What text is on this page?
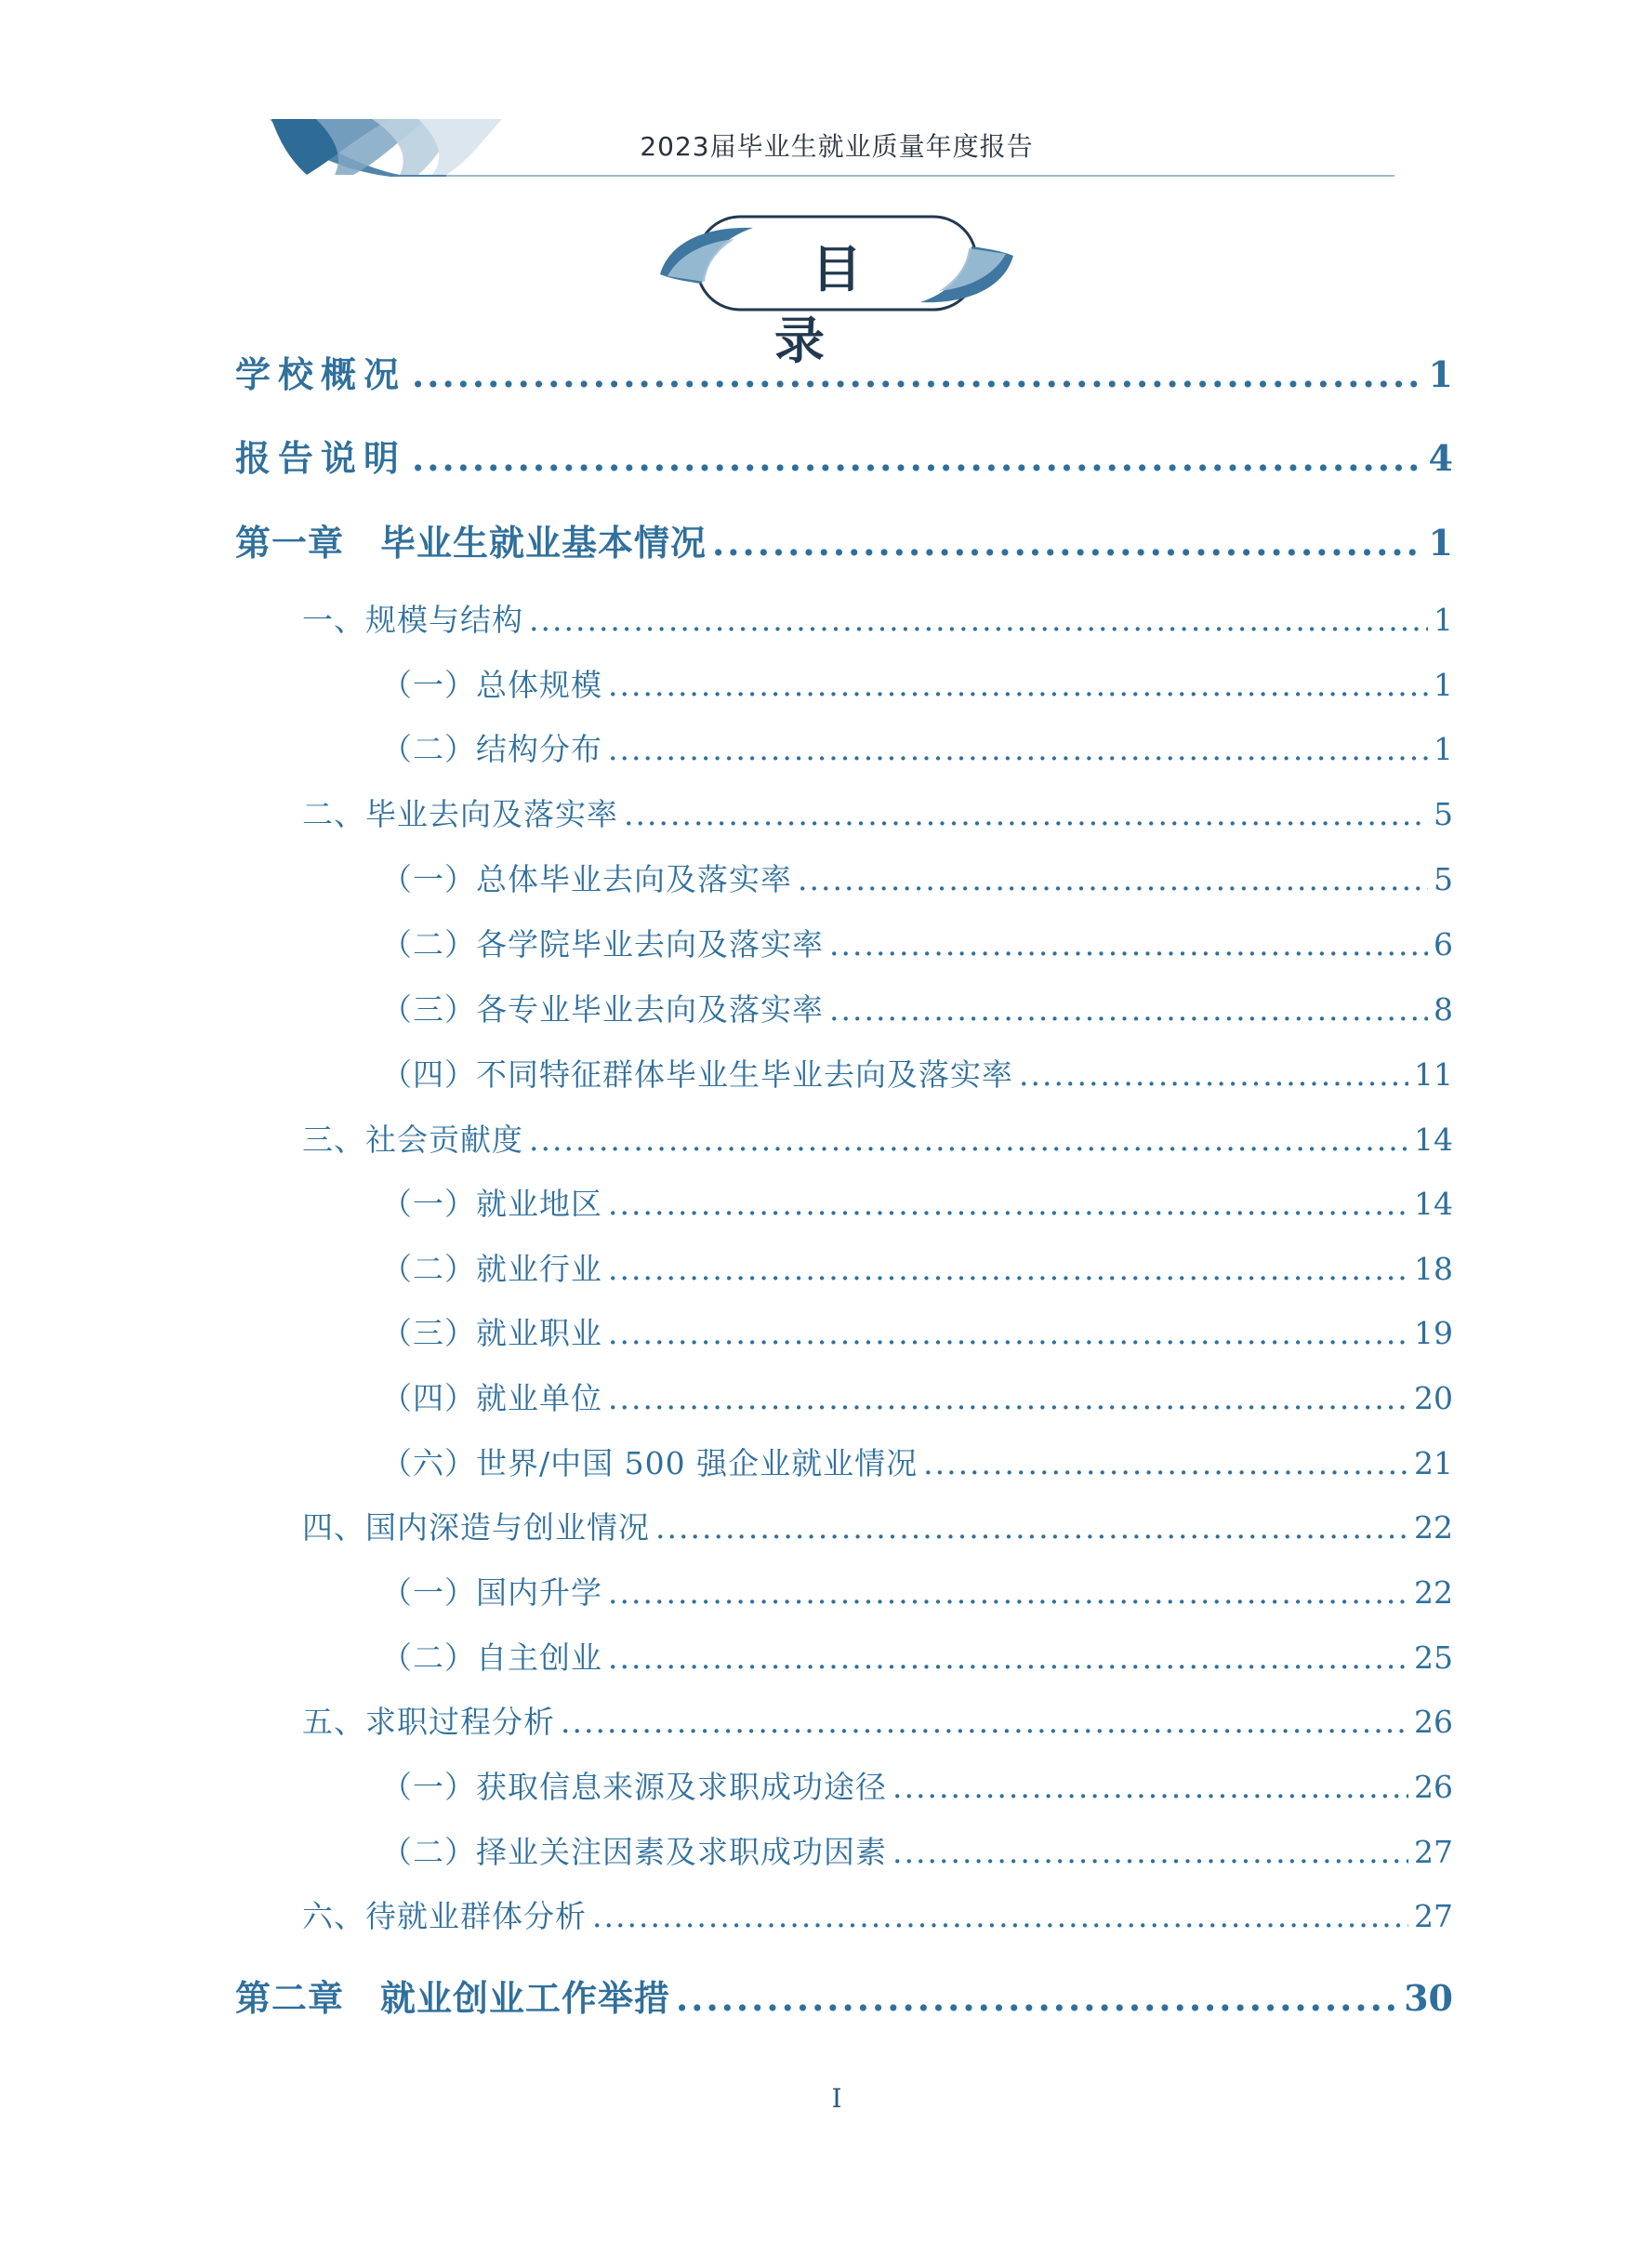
2023届毕业生就业质量年度报告
目 录
学校概况 .....	1
报告说明 .....	4
第一章　毕业生就业基本情况 .....	1
一、规模与结构 .....	1
（一）总体规模 .....	1
（二）结构分布 .....	1
二、毕业去向及落实率 .....	5
（一）总体毕业去向及落实率 .....	5
（二）各学院毕业去向及落实率 .....	6
（三）各专业毕业去向及落实率 .....	8
（四）不同特征群体毕业生毕业去向及落实率 .....	11
三、社会贡献度 .....	14
（一）就业地区 .....	14
（二）就业行业 .....	18
（三）就业职业 .....	19
（四）就业单位 .....	20
（六）世界/中国 500 强企业就业情况 .....	21
四、国内深造与创业情况 .....	22
（一）国内升学 .....	22
（二）自主创业 .....	25
五、求职过程分析 .....	26
（一）获取信息来源及求职成功途径 .....	26
（二）择业关注因素及求职成功因素 .....	27
六、待就业群体分析 .....	27
第二章　就业创业工作举措 .....	30
I
